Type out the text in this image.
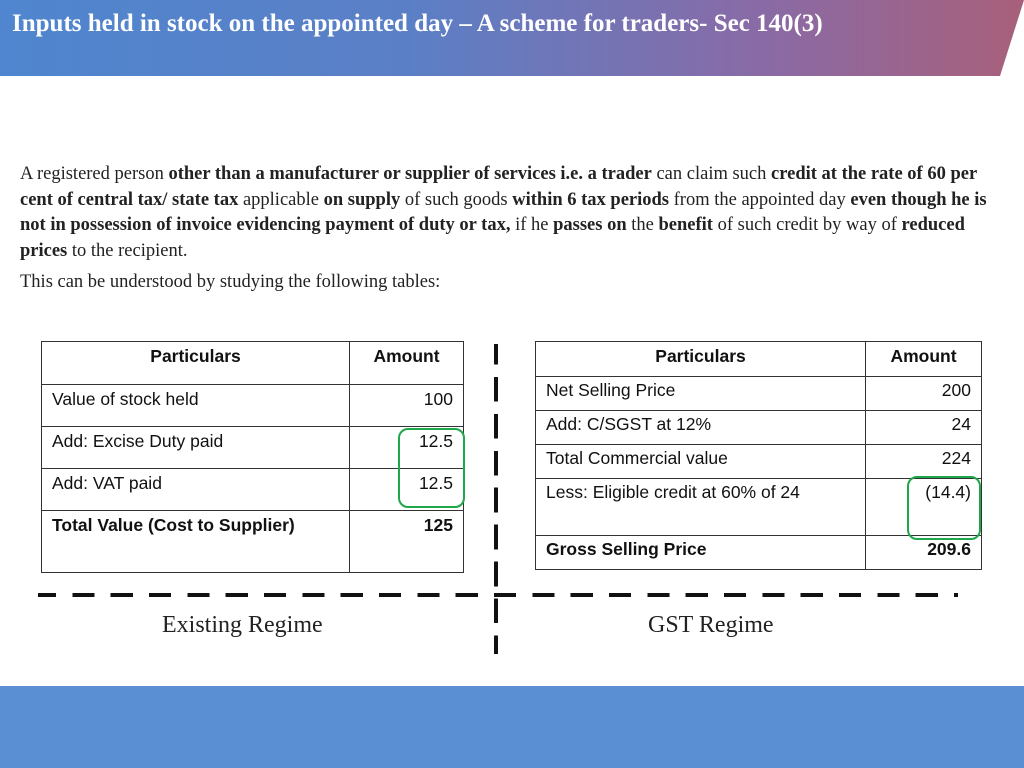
Inputs held in stock on the appointed day – A scheme for traders- Sec 140(3)

A registered person other than a manufacturer or supplier of services i.e. a trader can claim such credit at the rate of 60 per cent of central tax/ state tax applicable on supply of such goods within 6 tax periods from the appointed day even though he is not in possession of invoice evidencing payment of duty or tax, if he passes on the benefit of such credit by way of reduced prices to the recipient.

This can be understood by studying the following tables:

Particulars	Amount
Value of stock held	100
Add: Excise Duty paid	12.5
Add: VAT paid	12.5
Total Value (Cost to Supplier)	125
Particulars	Amount
Net Selling Price	200
Add: C/SGST at 12%	24
Total Commercial value	224
Less: Eligible credit at 60% of 24	(14.4)
Gross Selling Price	209.6
Existing Regime	GST Regime
